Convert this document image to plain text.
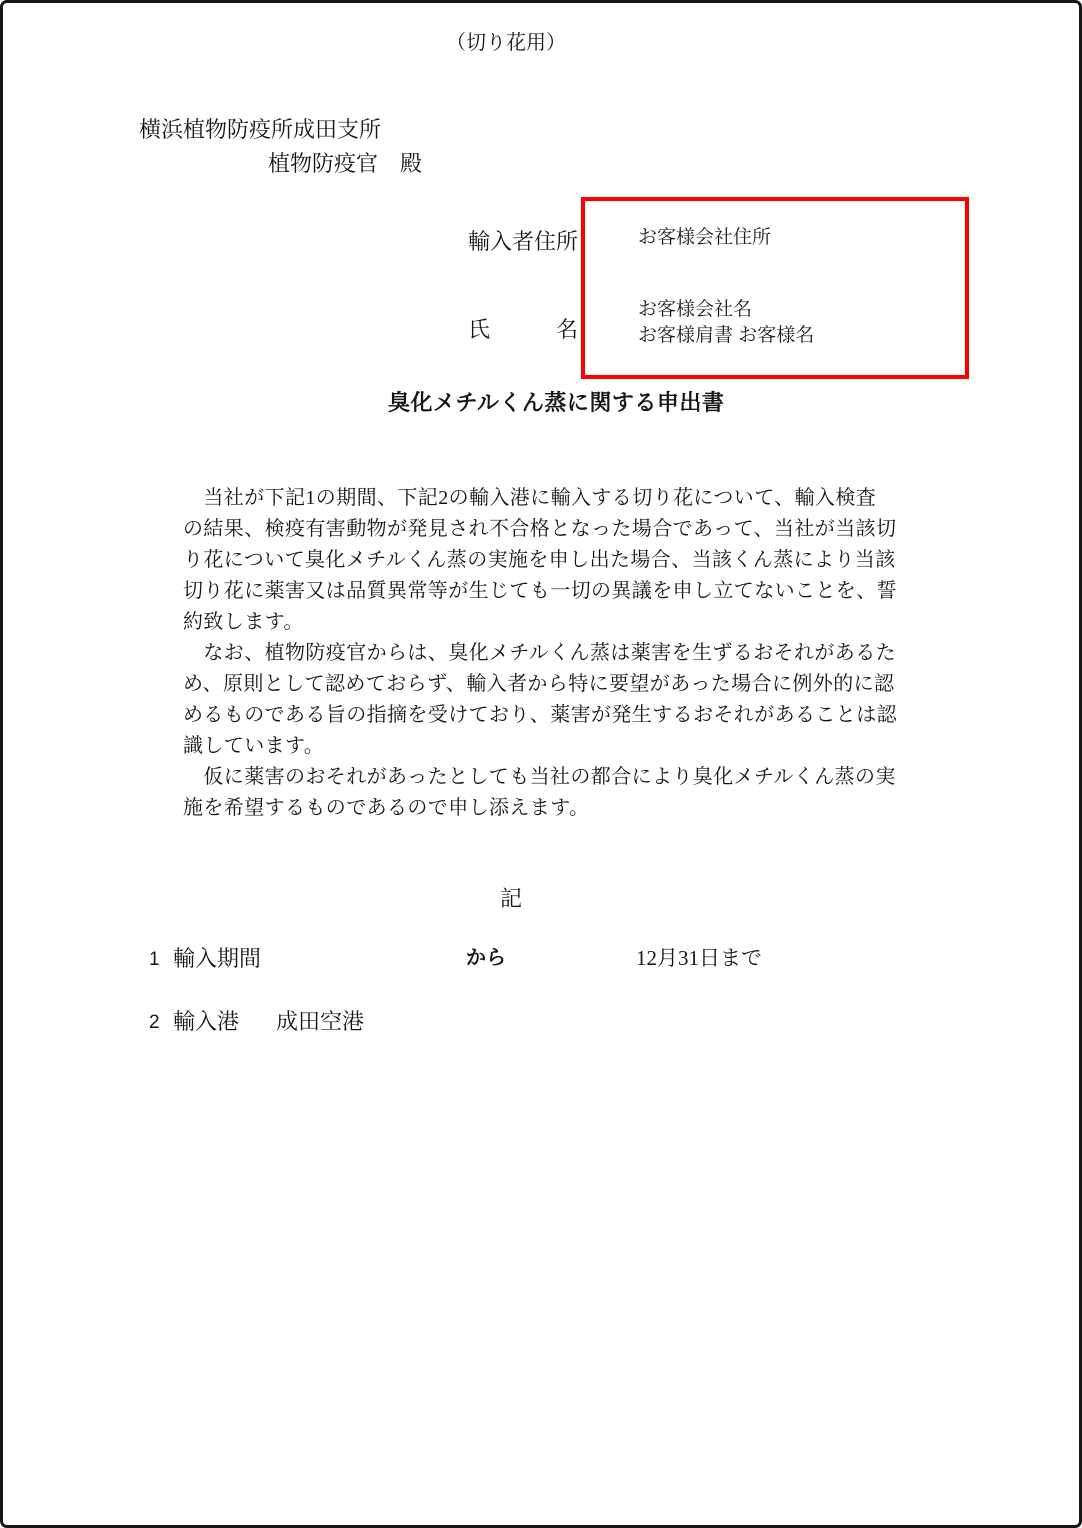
（切り花用）
横浜植物防疫所成田支所
植物防疫官　殿
輸入者住所
氏　　　名
お客様会社住所
お客様会社名
お客様肩書 お客様名
臭化メチルくん蒸に関する申出書
　当社が下記1の期間、下記2の輸入港に輸入する切り花について、輸入検査
の結果、検疫有害動物が発見され不合格となった場合であって、当社が当該切
り花について臭化メチルくん蒸の実施を申し出た場合、当該くん蒸により当該
切り花に薬害又は品質異常等が生じても一切の異議を申し立てないことを、誓
約致します。
　なお、植物防疫官からは、臭化メチルくん蒸は薬害を生ずるおそれがあるた
め、原則として認めておらず、輸入者から特に要望があった場合に例外的に認
めるものである旨の指摘を受けており、薬害が発生するおそれがあることは認
識しています。
　仮に薬害のおそれがあったとしても当社の都合により臭化メチルくん蒸の実
施を希望するものであるので申し添えます。
記
1 輸入期間	から	12月31日まで
2 輸入港 成田空港
